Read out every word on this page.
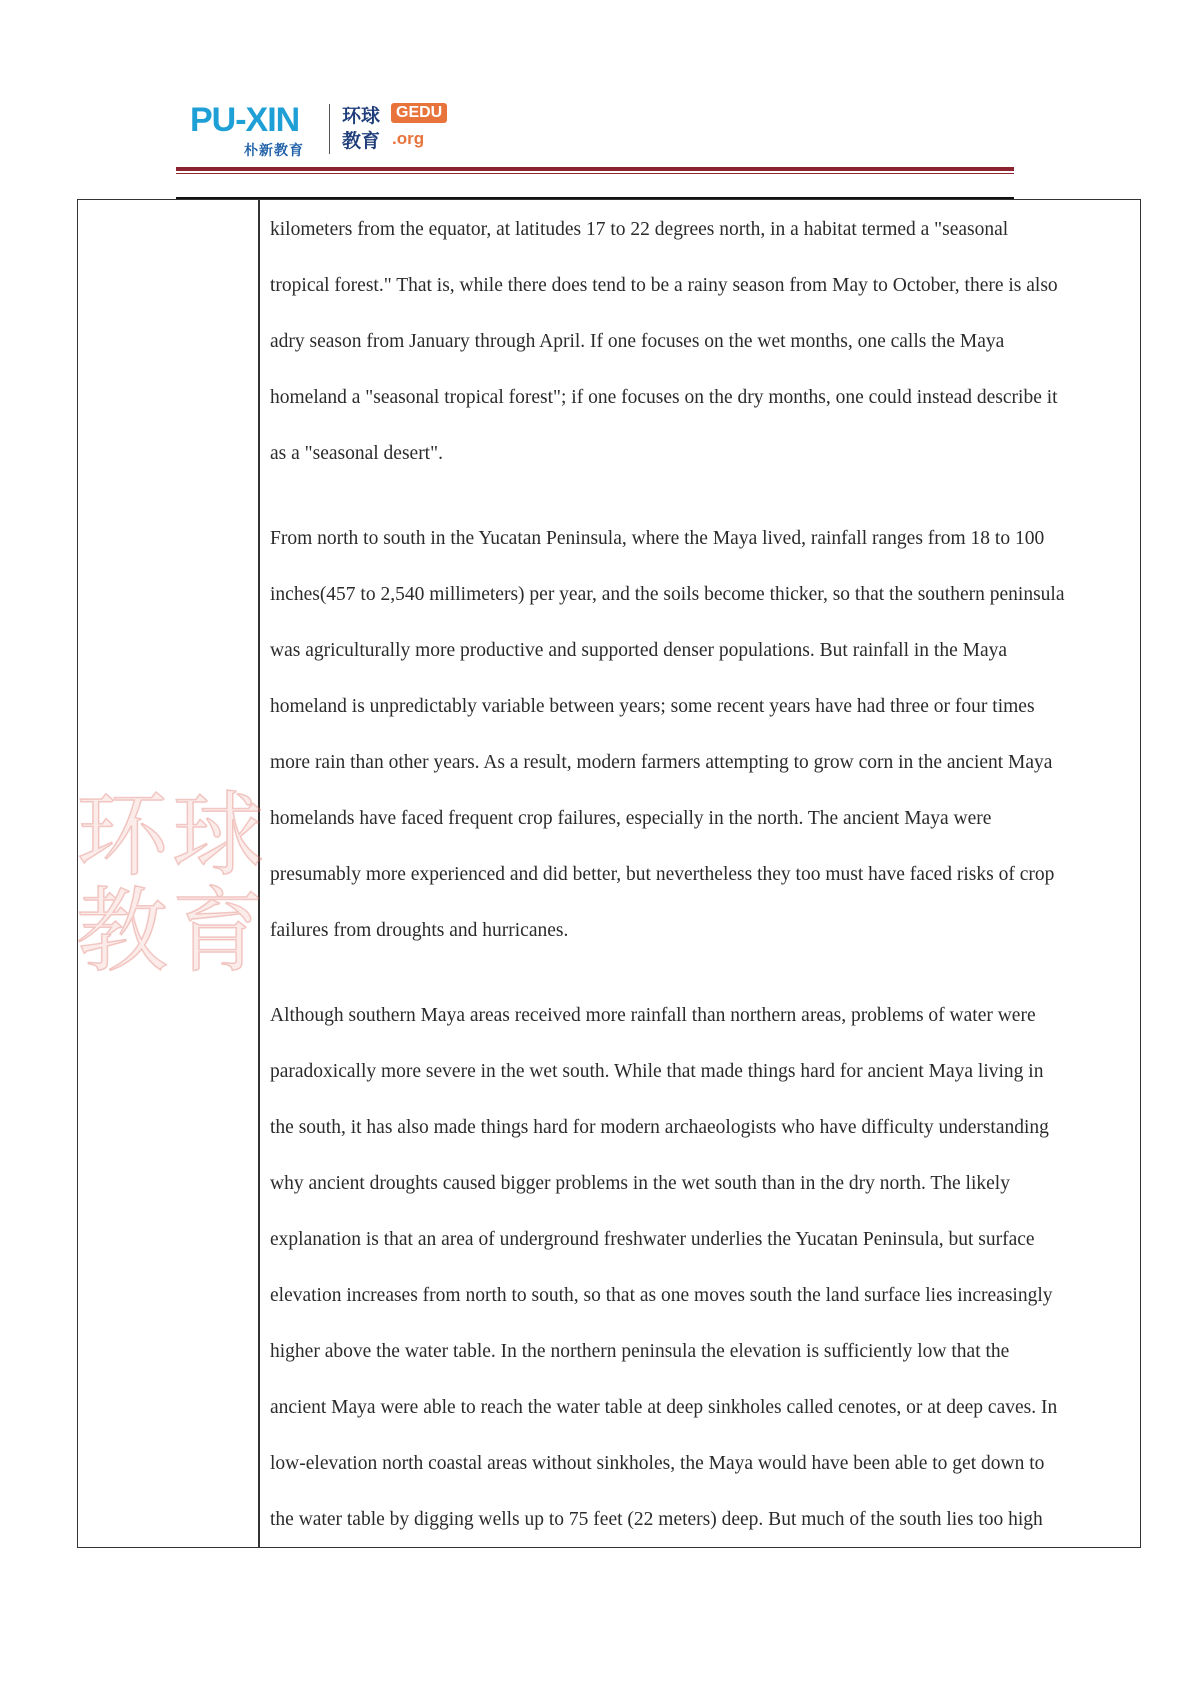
PU-XIN
朴新教育
环球
教育
GEDU
.org
环球
教育
kilometers from the equator, at latitudes 17 to 22 degrees north, in a habitat termed a "seasonal
tropical forest." That is, while there does tend to be a rainy season from May to October, there is also
adry season from January through April. If one focuses on the wet months, one calls the Maya
homeland a "seasonal tropical forest"; if one focuses on the dry months, one could instead describe it
as a "seasonal desert".
From north to south in the Yucatan Peninsula, where the Maya lived, rainfall ranges from 18 to 100
inches(457 to 2,540 millimeters) per year, and the soils become thicker, so that the southern peninsula
was agriculturally more productive and supported denser populations. But rainfall in the Maya
homeland is unpredictably variable between years; some recent years have had three or four times
more rain than other years. As a result, modern farmers attempting to grow corn in the ancient Maya
homelands have faced frequent crop failures, especially in the north. The ancient Maya were
presumably more experienced and did better, but nevertheless they too must have faced risks of crop
failures from droughts and hurricanes.
Although southern Maya areas received more rainfall than northern areas, problems of water were
paradoxically more severe in the wet south. While that made things hard for ancient Maya living in
the south, it has also made things hard for modern archaeologists who have difficulty understanding
why ancient droughts caused bigger problems in the wet south than in the dry north. The likely
explanation is that an area of underground freshwater underlies the Yucatan Peninsula, but surface
elevation increases from north to south, so that as one moves south the land surface lies increasingly
higher above the water table. In the northern peninsula the elevation is sufficiently low that the
ancient Maya were able to reach the water table at deep sinkholes called cenotes, or at deep caves. In
low-elevation north coastal areas without sinkholes, the Maya would have been able to get down to
the water table by digging wells up to 75 feet (22 meters) deep. But much of the south lies too high
